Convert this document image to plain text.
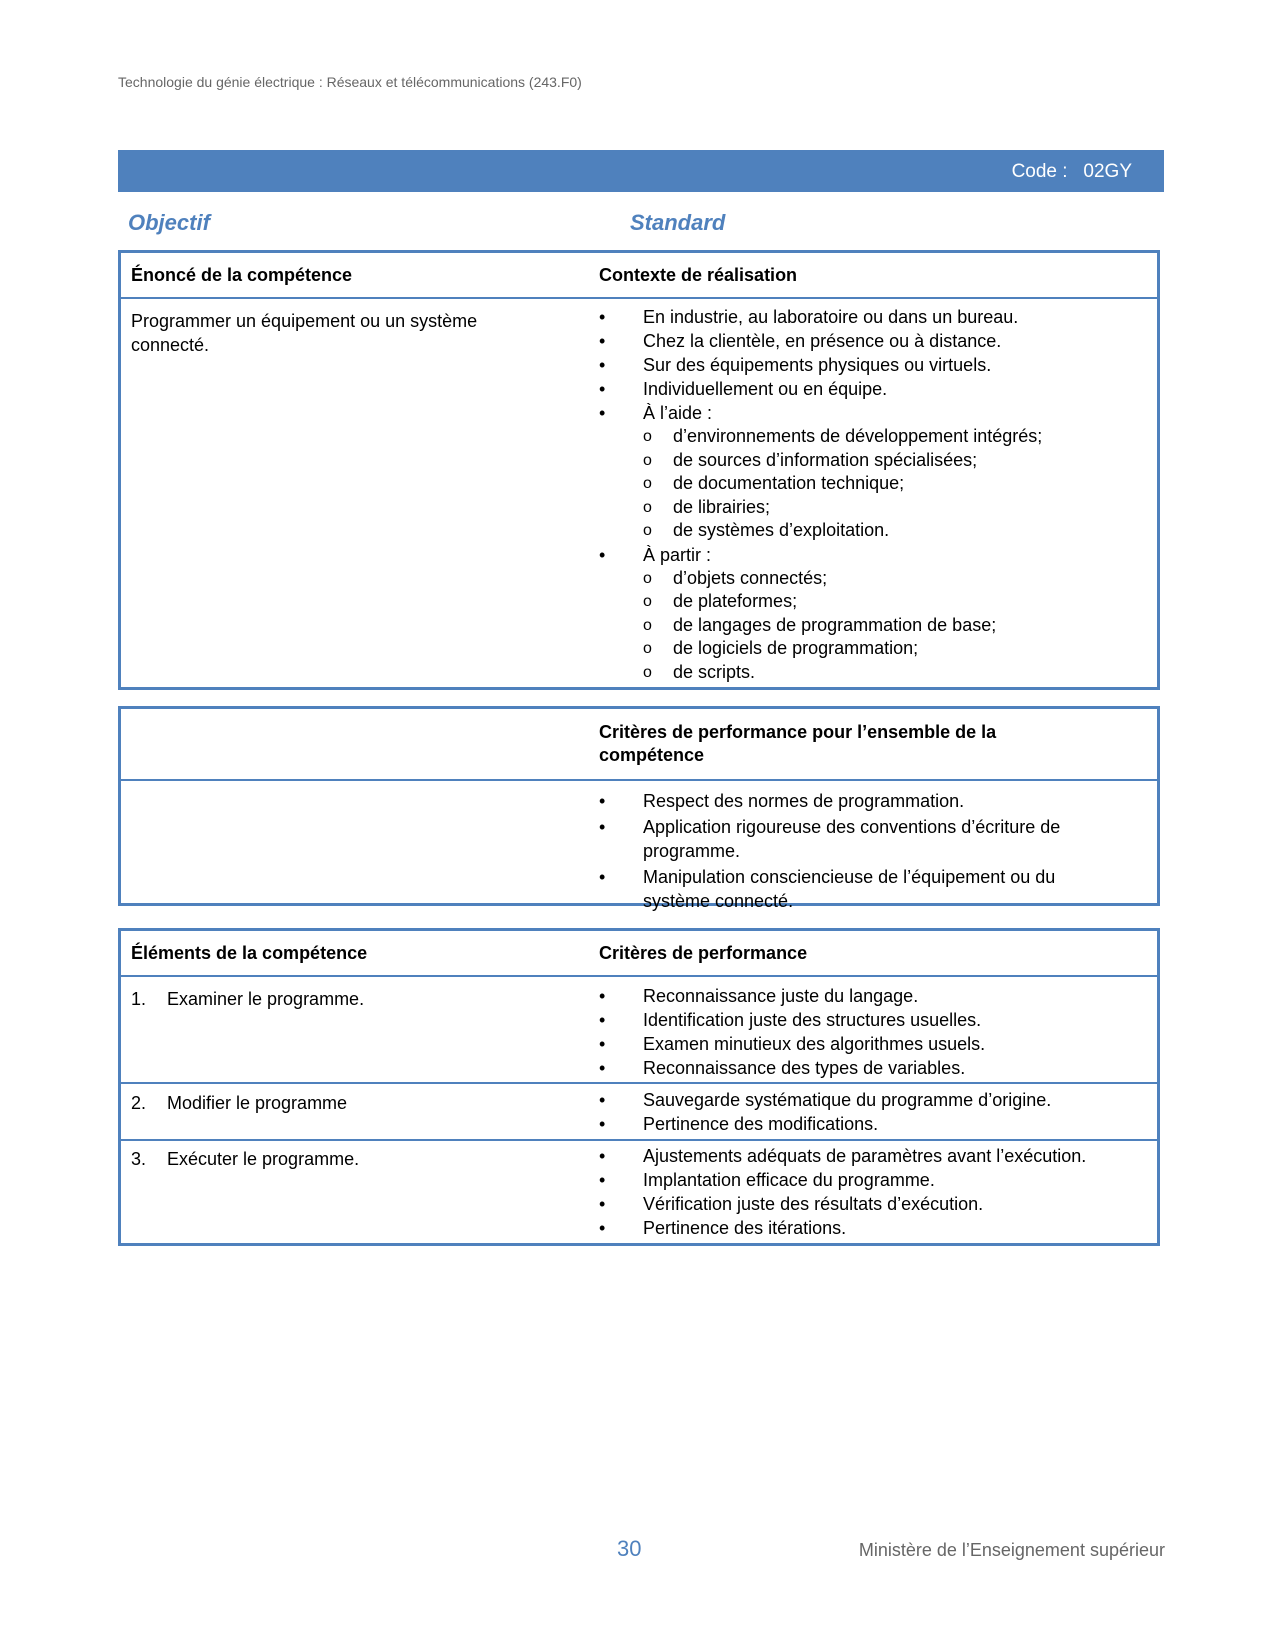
Technologie du génie électrique : Réseaux et télécommunications (243.F0)
Code : 02GY
Objectif	Standard
Énoncé de la compétence	Contexte de réalisation
Programmer un équipement ou un système connecté.
• En industrie, au laboratoire ou dans un bureau.
• Chez la clientèle, en présence ou à distance.
• Sur des équipements physiques ou virtuels.
• Individuellement ou en équipe.
• À l’aide :
o d’environnements de développement intégrés;
o de sources d’information spécialisées;
o de documentation technique;
o de librairies;
o de systèmes d’exploitation.
• À partir :
o d’objets connectés;
o de plateformes;
o de langages de programmation de base;
o de logiciels de programmation;
o de scripts.
Critères de performance pour l’ensemble de la compétence
• Respect des normes de programmation.
• Application rigoureuse des conventions d’écriture de programme.
• Manipulation consciencieuse de l’équipement ou du système connecté.
Éléments de la compétence	Critères de performance
1. Examiner le programme.	• Reconnaissance juste du langage.
• Identification juste des structures usuelles.
• Examen minutieux des algorithmes usuels.
• Reconnaissance des types de variables.
2. Modifier le programme	• Sauvegarde systématique du programme d’origine.
• Pertinence des modifications.
3. Exécuter le programme.	• Ajustements adéquats de paramètres avant l’exécution.
• Implantation efficace du programme.
• Vérification juste des résultats d’exécution.
• Pertinence des itérations.
30	Ministère de l’Enseignement supérieur
